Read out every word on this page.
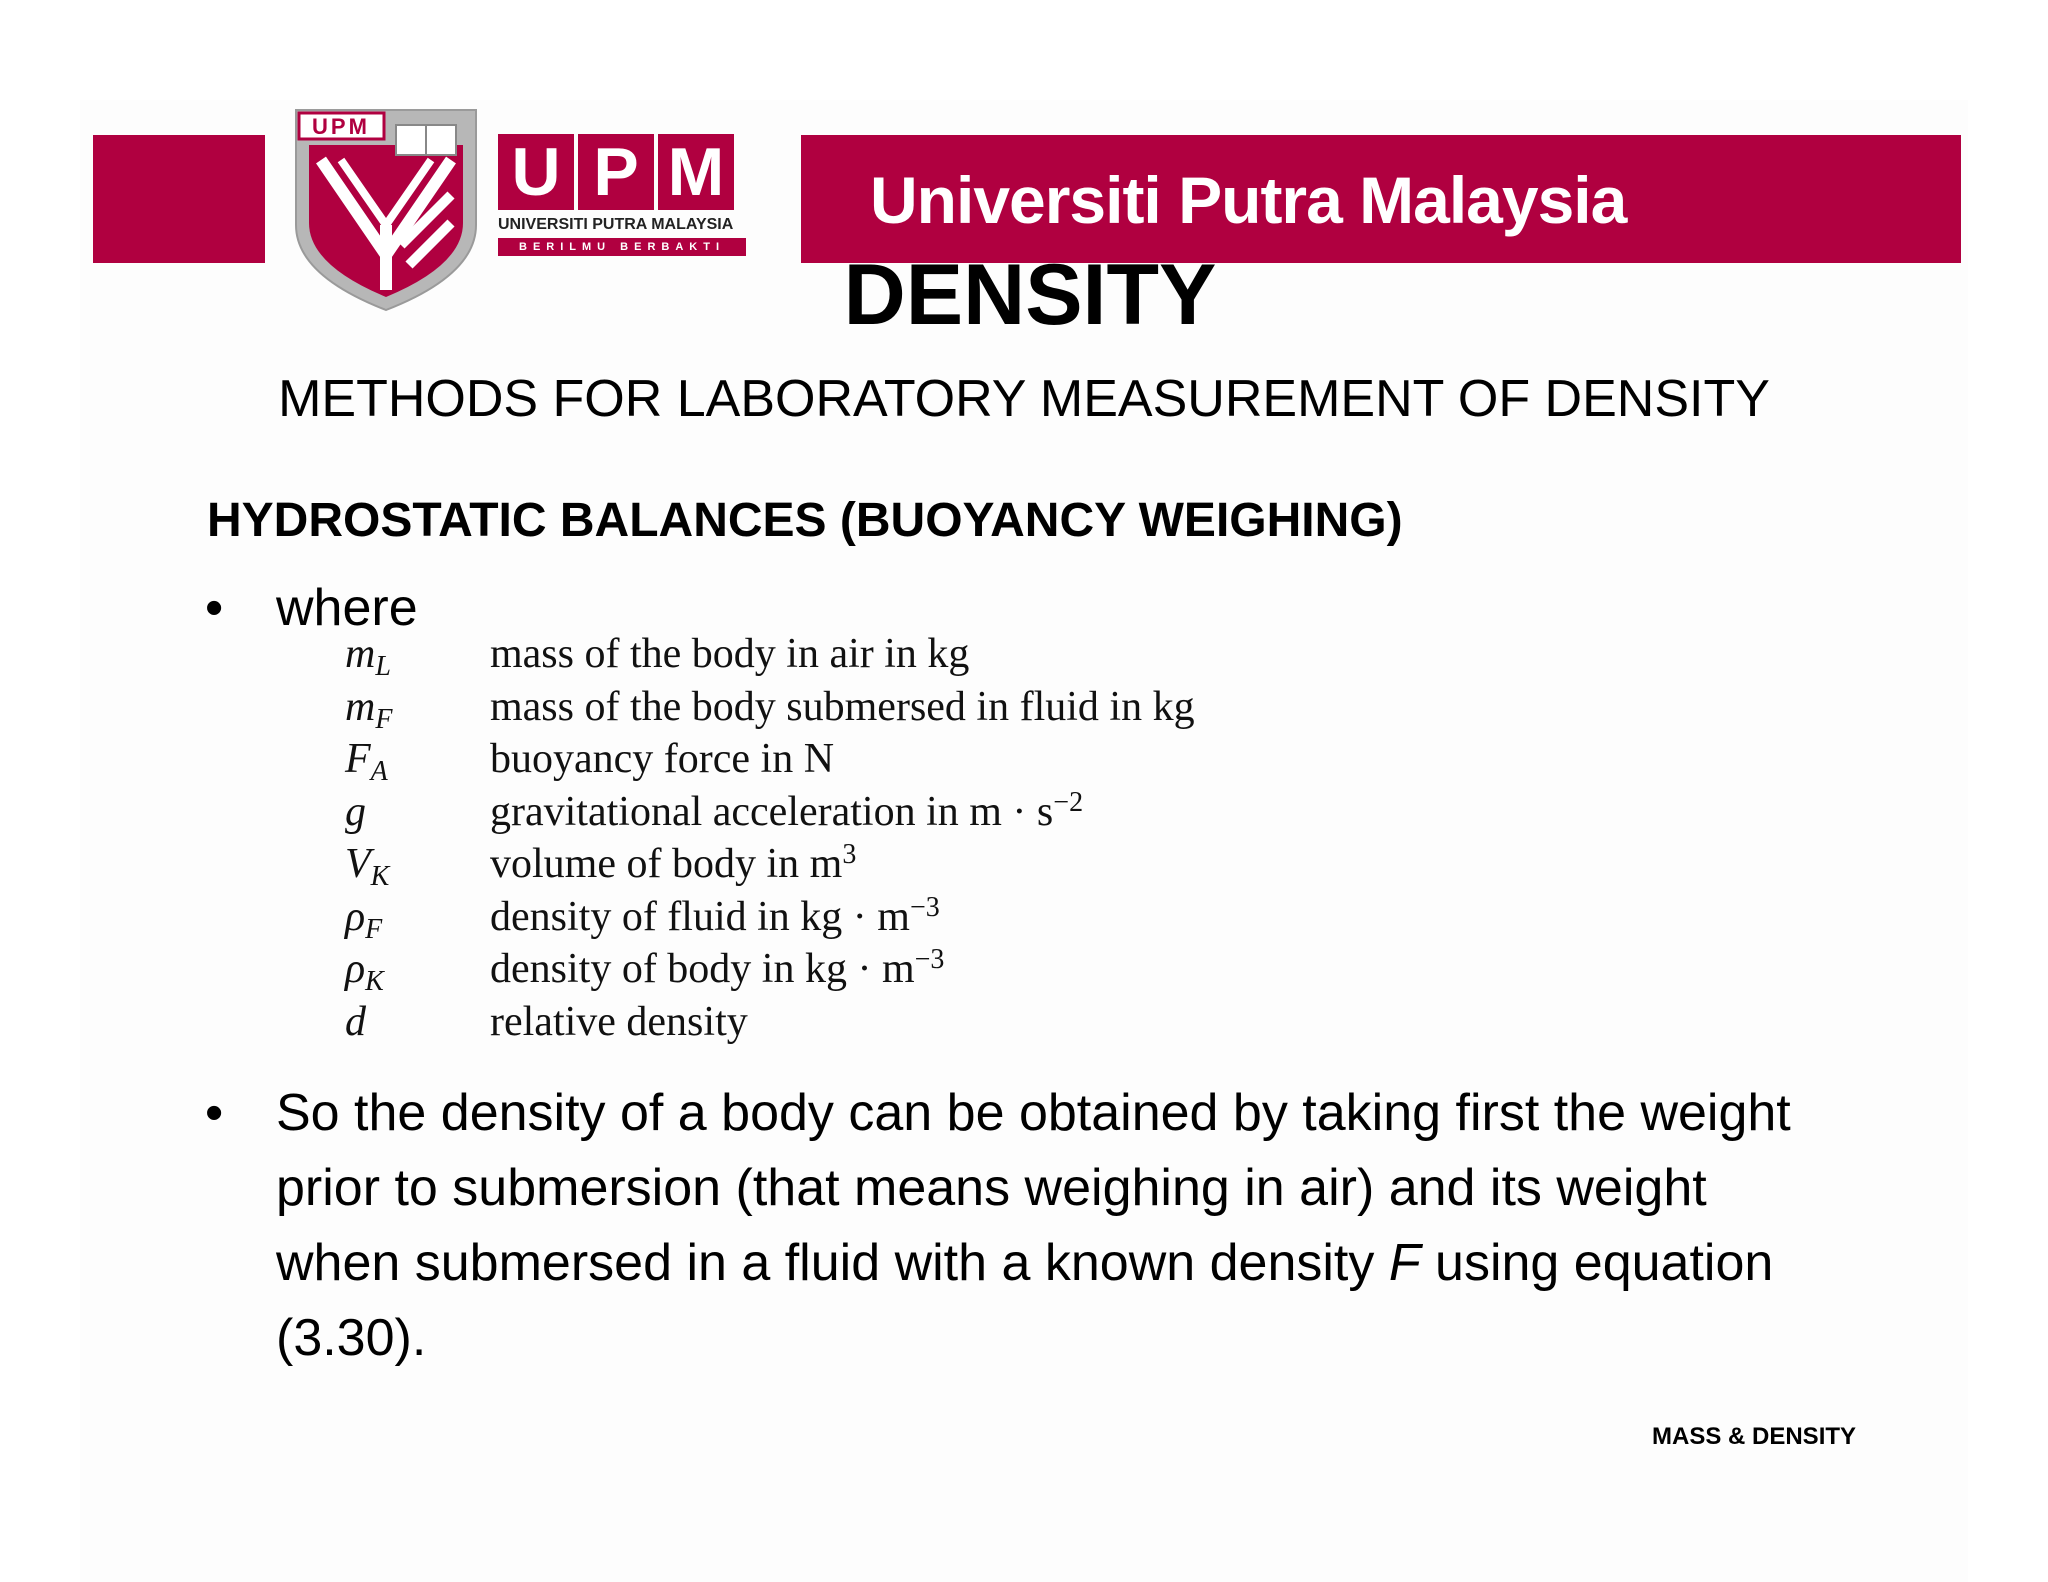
UPM
U P M
UNIVERSITI PUTRA MALAYSIA
BERILMU BERBAKTI
Universiti Putra Malaysia
DENSITY
METHODS FOR LABORATORY MEASUREMENT OF DENSITY
HYDROSTATIC BALANCES (BUOYANCY WEIGHING)
• where
$m_L$	mass of the body in air in kg
$m_F$	mass of the body submersed in fluid in kg
$F_A$	buoyancy force in N
g	gravitational acceleration in $m \cdot s^{-2}$
$V_K$	volume of body in $m^3$
$\rho_F$	density of fluid in kg · $m^{-3}$
$\rho_K$	density of body in kg · $m^{-3}$
d	relative density
• So the density of a body can be obtained by taking first the weight prior to submersion (that means weighing in air) and its weight when submersed in a fluid with a known density F using equation (3.30).
MASS & DENSITY
